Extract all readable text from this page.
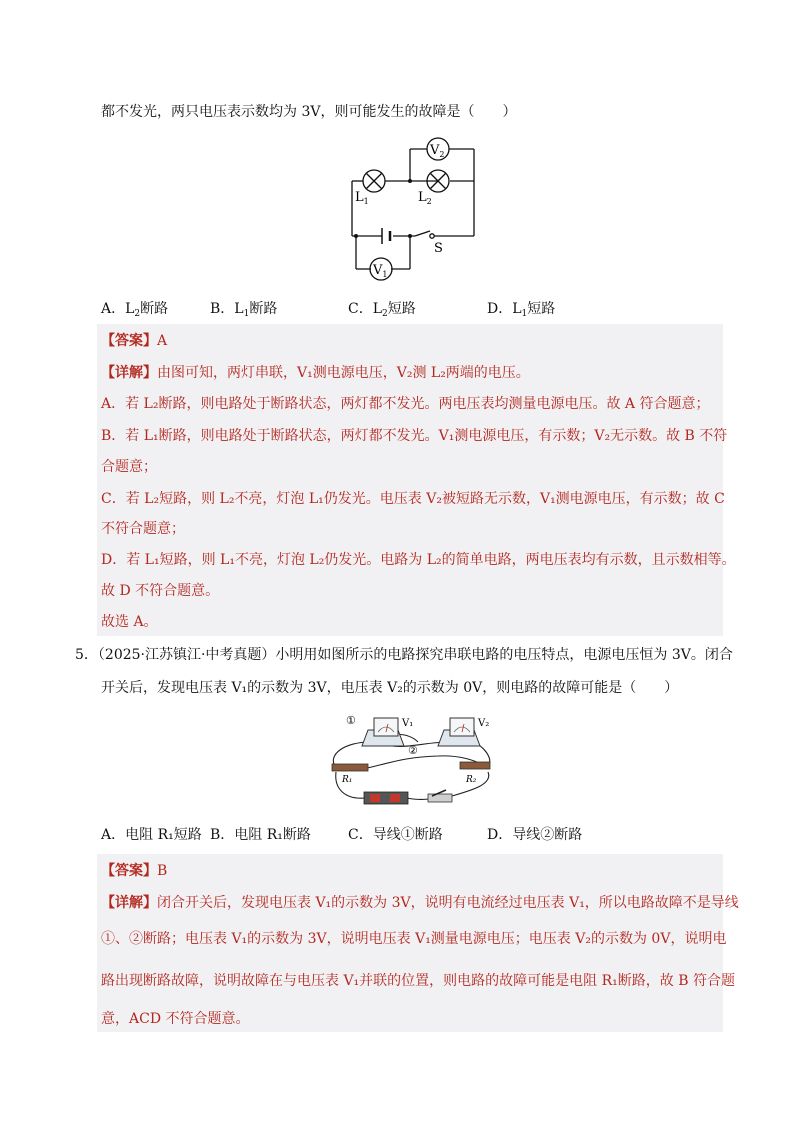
都不发光，两只电压表示数均为 3V，则可能发生的故障是（　　）
$V_2$
$V_1$
$L_1$	$L_2$
S
A．$L_2$断路	B．$L_1$断路	C．$L_2$短路	D．$L_1$短路
【答案】A
【详解】由图可知，两灯串联，V₁测电源电压，V₂测 L₂两端的电压。
A．若 L₂断路，则电路处于断路状态，两灯都不发光。两电压表均测量电源电压。故 A 符合题意；
B．若 L₁断路，则电路处于断路状态，两灯都不发光。V₁测电源电压，有示数；V₂无示数。故 B 不符
合题意；
C．若 L₂短路，则 L₂不亮，灯泡 L₁仍发光。电压表 V₂被短路无示数，V₁测电源电压，有示数；故 C
不符合题意；
D．若 L₁短路，则 L₁不亮，灯泡 L₂仍发光。电路为 L₂的简单电路，两电压表均有示数，且示数相等。
故 D 不符合题意。
故选 A。
5．（2025·江苏镇江·中考真题）小明用如图所示的电路探究串联电路的电压特点，电源电压恒为 3V。闭合
开关后，发现电压表 V₁的示数为 3V，电压表 V₂的示数为 0V，则电路的故障可能是（　　）
①
②
V₁	V₂
R₁	R₂
A．电阻 R₁短路 B．电阻 R₁断路	C．导线①断路	D．导线②断路
【答案】B
【详解】闭合开关后，发现电压表 V₁的示数为 3V，说明有电流经过电压表 V₁，所以电路故障不是导线
①、②断路；电压表 V₁的示数为 3V，说明电压表 V₁测量电源电压；电压表 V₂的示数为 0V，说明电
路出现断路故障，说明故障在与电压表 V₁并联的位置，则电路的故障可能是电阻 R₁断路，故 B 符合题
意，ACD 不符合题意。
